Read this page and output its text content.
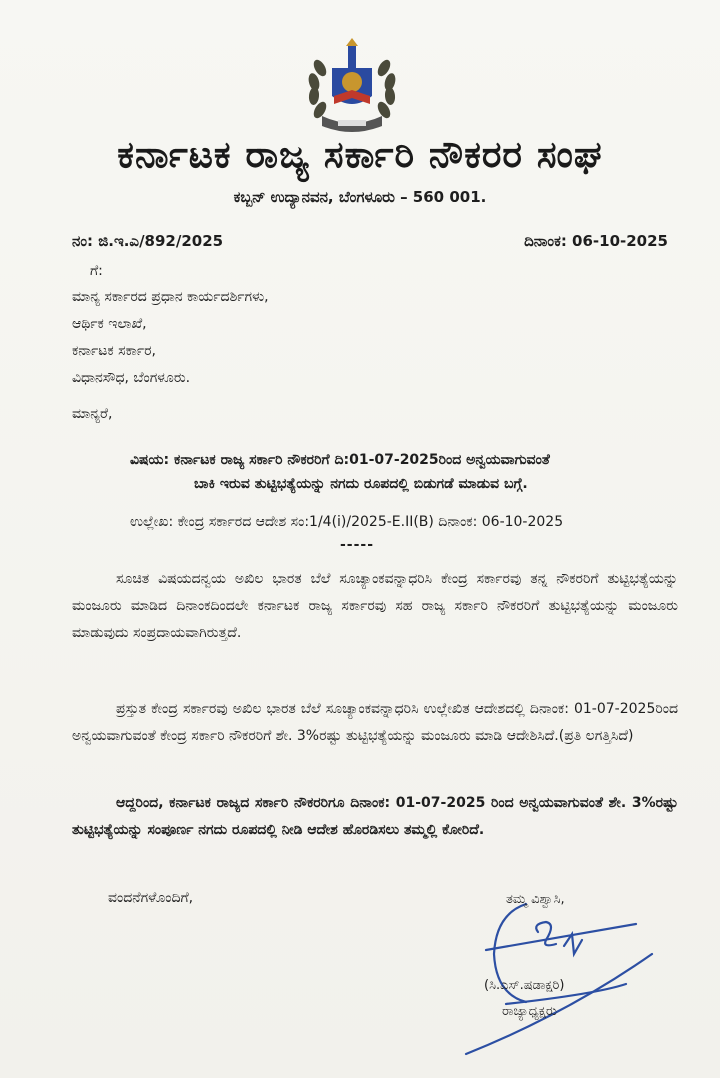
ಕರ್ನಾಟಕ ರಾಜ್ಯ ಸರ್ಕಾರಿ ನೌಕರರ ಸಂಘ
ಕಬ್ಬನ್ ಉದ್ಯಾನವನ, ಬೆಂಗಳೂರು – 560 001.
ನಂ: ಜಿ.ಇ.ಎ/892/2025	ದಿನಾಂಕ: 06-10-2025
ಗೆ:
ಮಾನ್ಯ ಸರ್ಕಾರದ ಪ್ರಧಾನ ಕಾರ್ಯದರ್ಶಿಗಳು,
ಆರ್ಥಿಕ ಇಲಾಖೆ,
ಕರ್ನಾಟಕ ಸರ್ಕಾರ,
ವಿಧಾನಸೌಧ, ಬೆಂಗಳೂರು.
ಮಾನ್ಯರೆ,
ವಿಷಯ: ಕರ್ನಾಟಕ ರಾಜ್ಯ ಸರ್ಕಾರಿ ನೌಕರರಿಗೆ ದಿ:01-07-2025ರಿಂದ ಅನ್ವಯವಾಗುವಂತೆ
ಬಾಕಿ ಇರುವ ತುಟ್ಟಿಭತ್ಯೆಯನ್ನು ನಗದು ರೂಪದಲ್ಲಿ ಬಿಡುಗಡೆ ಮಾಡುವ ಬಗ್ಗೆ.
ಉಲ್ಲೇಖ: ಕೇಂದ್ರ ಸರ್ಕಾರದ ಆದೇಶ ಸಂ:1/4(i)/2025-E.II(B) ದಿನಾಂಕ: 06-10-2025
-----
ಸೂಚಿತ ವಿಷಯದನ್ವಯ ಅಖಿಲ ಭಾರತ ಬೆಲೆ ಸೂಚ್ಯಾಂಕವನ್ನಾಧರಿಸಿ ಕೇಂದ್ರ ಸರ್ಕಾರವು ತನ್ನ ನೌಕರರಿಗೆ ತುಟ್ಟಿಭತ್ಯೆಯನ್ನು ಮಂಜೂರು ಮಾಡಿದ ದಿನಾಂಕದಿಂದಲೇ ಕರ್ನಾಟಕ ರಾಜ್ಯ ಸರ್ಕಾರವು ಸಹ ರಾಜ್ಯ ಸರ್ಕಾರಿ ನೌಕರರಿಗೆ ತುಟ್ಟಿಭತ್ಯೆಯನ್ನು ಮಂಜೂರು ಮಾಡುವುದು ಸಂಪ್ರದಾಯವಾಗಿರುತ್ತದೆ.
ಪ್ರಸ್ತುತ ಕೇಂದ್ರ ಸರ್ಕಾರವು ಅಖಿಲ ಭಾರತ ಬೆಲೆ ಸೂಚ್ಯಾಂಕವನ್ನಾಧರಿಸಿ ಉಲ್ಲೇಖಿತ ಆದೇಶದಲ್ಲಿ ದಿನಾಂಕ: 01-07-2025ರಿಂದ ಅನ್ವಯವಾಗುವಂತೆ ಕೇಂದ್ರ ಸರ್ಕಾರಿ ನೌಕರರಿಗೆ ಶೇ. 3%ರಷ್ಟು ತುಟ್ಟಿಭತ್ಯೆಯನ್ನು ಮಂಜೂರು ಮಾಡಿ ಆದೇಶಿಸಿದೆ.(ಪ್ರತಿ ಲಗತ್ತಿಸಿದೆ)
ಆದ್ದರಿಂದ, ಕರ್ನಾಟಕ ರಾಜ್ಯದ ಸರ್ಕಾರಿ ನೌಕರರಿಗೂ ದಿನಾಂಕ: 01-07-2025 ರಿಂದ ಅನ್ವಯವಾಗುವಂತೆ ಶೇ. 3%ರಷ್ಟು ತುಟ್ಟಿಭತ್ಯೆಯನ್ನು ಸಂಪೂರ್ಣ ನಗದು ರೂಪದಲ್ಲಿ ನೀಡಿ ಆದೇಶ ಹೊರಡಿಸಲು ತಮ್ಮಲ್ಲಿ ಕೋರಿದೆ.
ವಂದನೆಗಳೊಂದಿಗೆ,	ತಮ್ಮ ವಿಶ್ವಾಸಿ,
(ಸಿ.ಎಸ್.ಷಡಾಕ್ಷರಿ)
ರಾಜ್ಯಾಧ್ಯಕ್ಷರು
